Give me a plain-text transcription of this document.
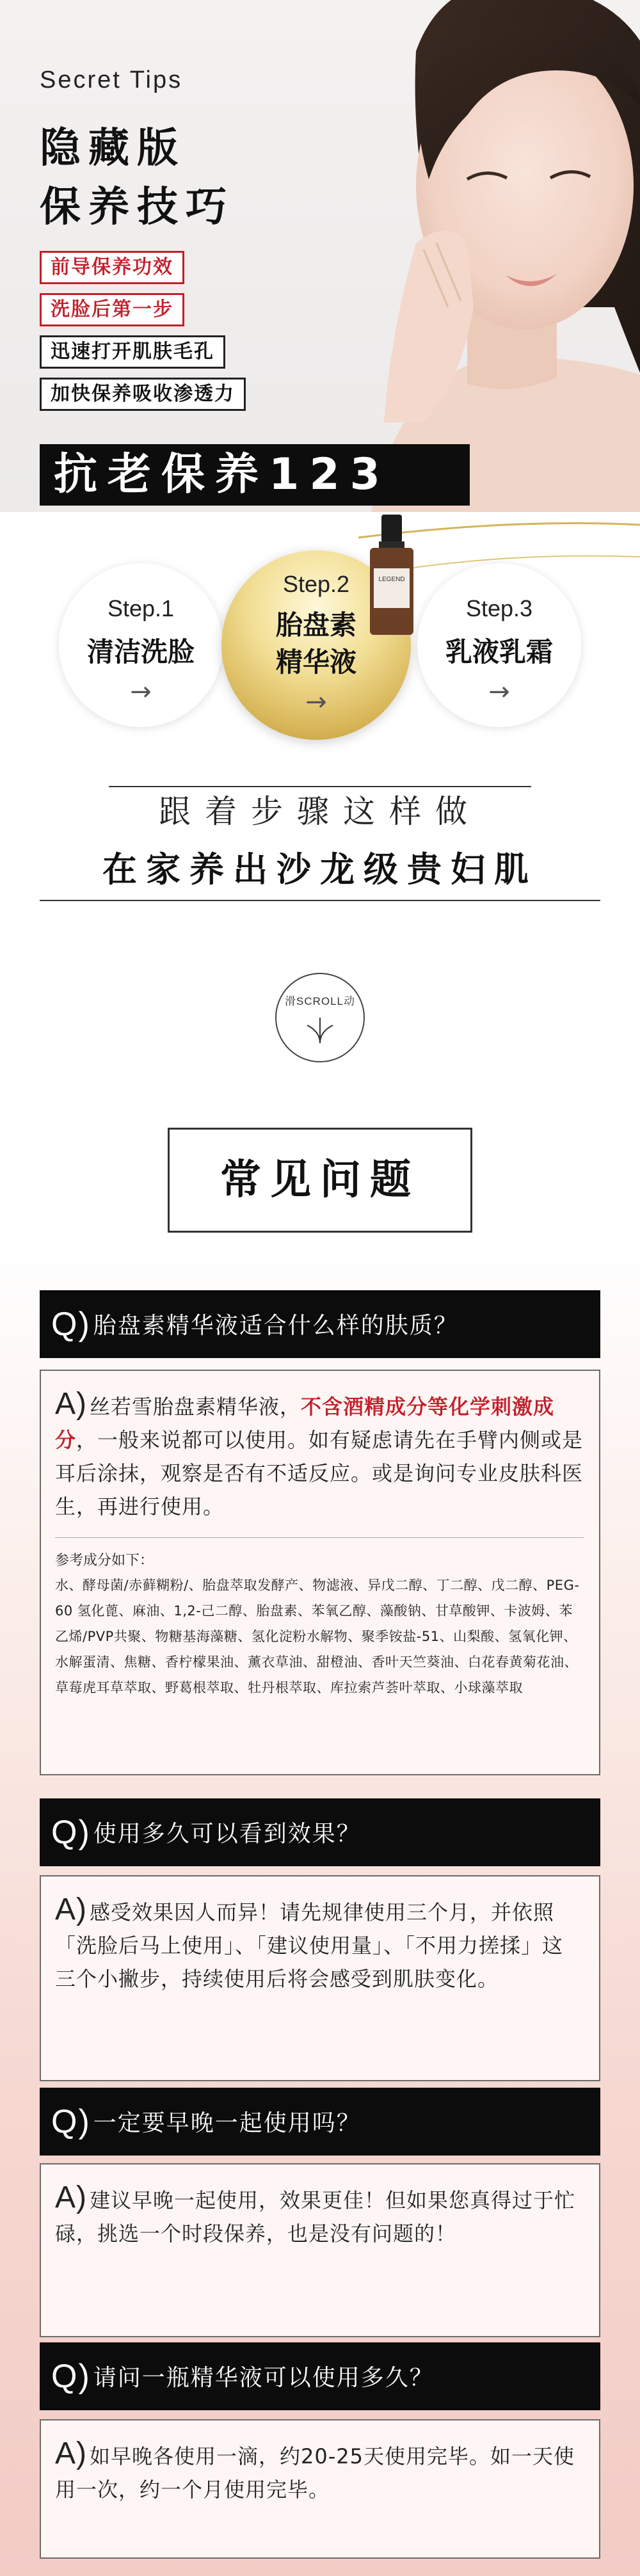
Secret Tips
隐藏版
保养技巧
前导保养功效
洗脸后第一步
迅速打开肌肤毛孔
加快保养吸收渗透力
抗老保养123
Step.1
清洁洗脸
→
Step.2
胎盘素
精华液
→
LEGEND
Step.3
乳液乳霜
→
跟着步骤这样做
在家养出沙龙级贵妇肌
滑SCROLL动
常见问题
Q) 胎盘素精华液适合什么样的肤质？
A) 丝若雪胎盘素精华液，不含酒精成分等化学刺激成分，一般来说都可以使用。如有疑虑请先在手臂内侧或是耳后涂抹，观察是否有不适反应。或是询问专业皮肤科医生，再进行使用。
参考成分如下：
水、酵母菌/赤藓糊粉/、胎盘萃取发酵产、物滤液、异戊二醇、丁二醇、戊二醇、PEG-60 氢化蓖、麻油、1,2-己二醇、胎盘素、苯氧乙醇、藻酸钠、甘草酸钾、卡波姆、苯乙烯/PVP共聚、物糖基海藻糖、氢化淀粉水解物、聚季铵盐-51、山梨酸、氢氧化钾、水解蛋清、焦糖、香柠檬果油、薰衣草油、甜橙油、香叶天竺葵油、白花春黄菊花油、草莓虎耳草萃取、野葛根萃取、牡丹根萃取、库拉索芦荟叶萃取、小球藻萃取
Q) 使用多久可以看到效果？
A) 感受效果因人而异！请先规律使用三个月，并依照「洗脸后马上使用」、「建议使用量」、「不用力搓揉」这三个小撇步，持续使用后将会感受到肌肤变化。
Q) 一定要早晚一起使用吗？
A) 建议早晚一起使用，效果更佳！但如果您真得过于忙碌，挑选一个时段保养，也是没有问题的！
Q) 请问一瓶精华液可以使用多久？
A) 如早晚各使用一滴，约20-25天使用完毕。如一天使用一次，约一个月使用完毕。
